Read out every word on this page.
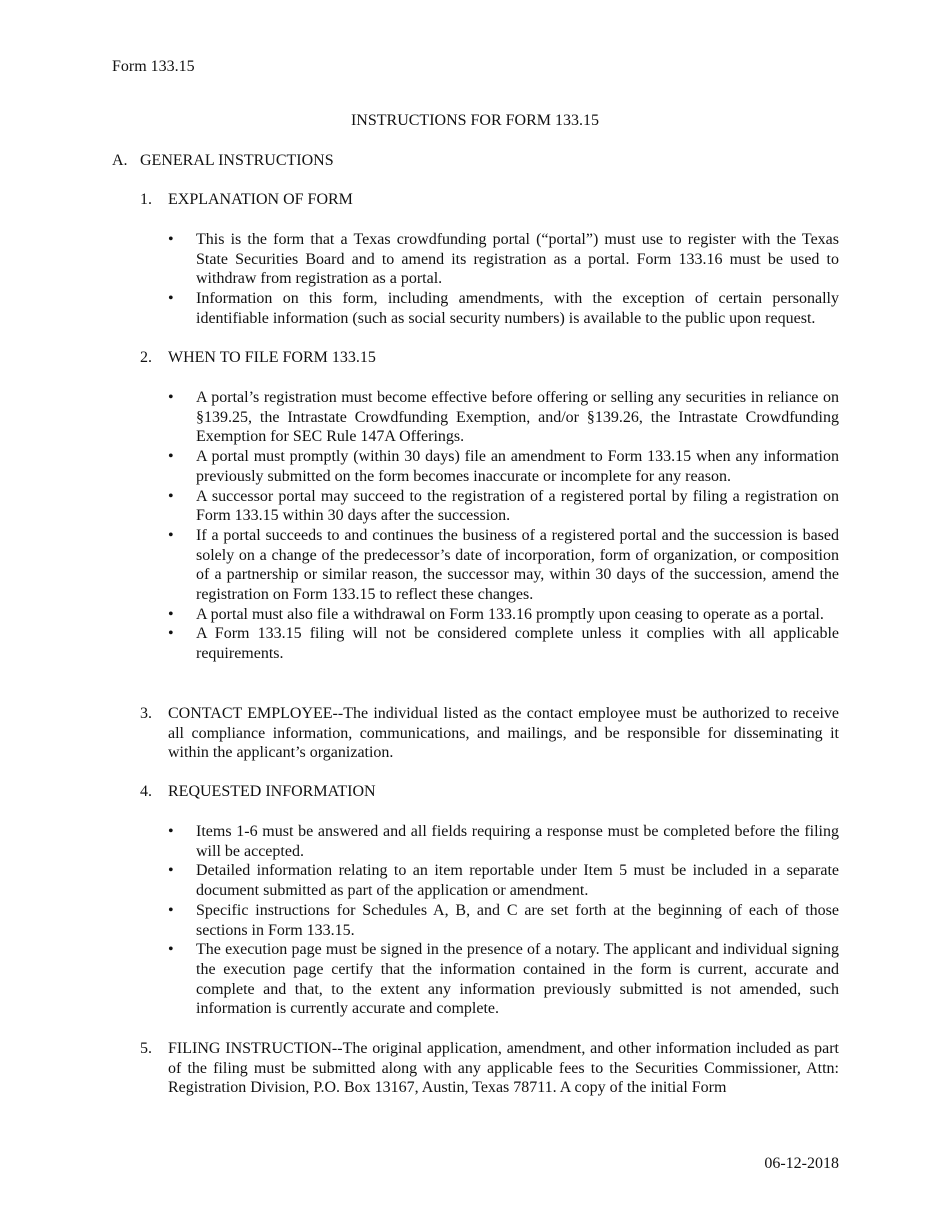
Form 133.15
INSTRUCTIONS FOR FORM 133.15
A. GENERAL INSTRUCTIONS
1. EXPLANATION OF FORM
• This is the form that a Texas crowdfunding portal (“portal”) must use to register with the Texas State Securities Board and to amend its registration as a portal. Form 133.16 must be used to withdraw from registration as a portal.
• Information on this form, including amendments, with the exception of certain personally identifiable information (such as social security numbers) is available to the public upon request.
2. WHEN TO FILE FORM 133.15
• A portal’s registration must become effective before offering or selling any securities in reliance on §139.25, the Intrastate Crowdfunding Exemption, and/or §139.26, the Intrastate Crowdfunding Exemption for SEC Rule 147A Offerings.
• A portal must promptly (within 30 days) file an amendment to Form 133.15 when any information previously submitted on the form becomes inaccurate or incomplete for any reason.
• A successor portal may succeed to the registration of a registered portal by filing a registration on Form 133.15 within 30 days after the succession.
• If a portal succeeds to and continues the business of a registered portal and the succession is based solely on a change of the predecessor’s date of incorporation, form of organization, or composition of a partnership or similar reason, the successor may, within 30 days of the succession, amend the registration on Form 133.15 to reflect these changes.
• A portal must also file a withdrawal on Form 133.16 promptly upon ceasing to operate as a portal.
• A Form 133.15 filing will not be considered complete unless it complies with all applicable requirements.
3. CONTACT EMPLOYEE--The individual listed as the contact employee must be authorized to receive all compliance information, communications, and mailings, and be responsible for disseminating it within the applicant’s organization.
4. REQUESTED INFORMATION
• Items 1-6 must be answered and all fields requiring a response must be completed before the filing will be accepted.
• Detailed information relating to an item reportable under Item 5 must be included in a separate document submitted as part of the application or amendment.
• Specific instructions for Schedules A, B, and C are set forth at the beginning of each of those sections in Form 133.15.
• The execution page must be signed in the presence of a notary. The applicant and individual signing the execution page certify that the information contained in the form is current, accurate and complete and that, to the extent any information previously submitted is not amended, such information is currently accurate and complete.
5. FILING INSTRUCTION--The original application, amendment, and other information included as part of the filing must be submitted along with any applicable fees to the Securities Commissioner, Attn: Registration Division, P.O. Box 13167, Austin, Texas 78711. A copy of the initial Form
06-12-2018
